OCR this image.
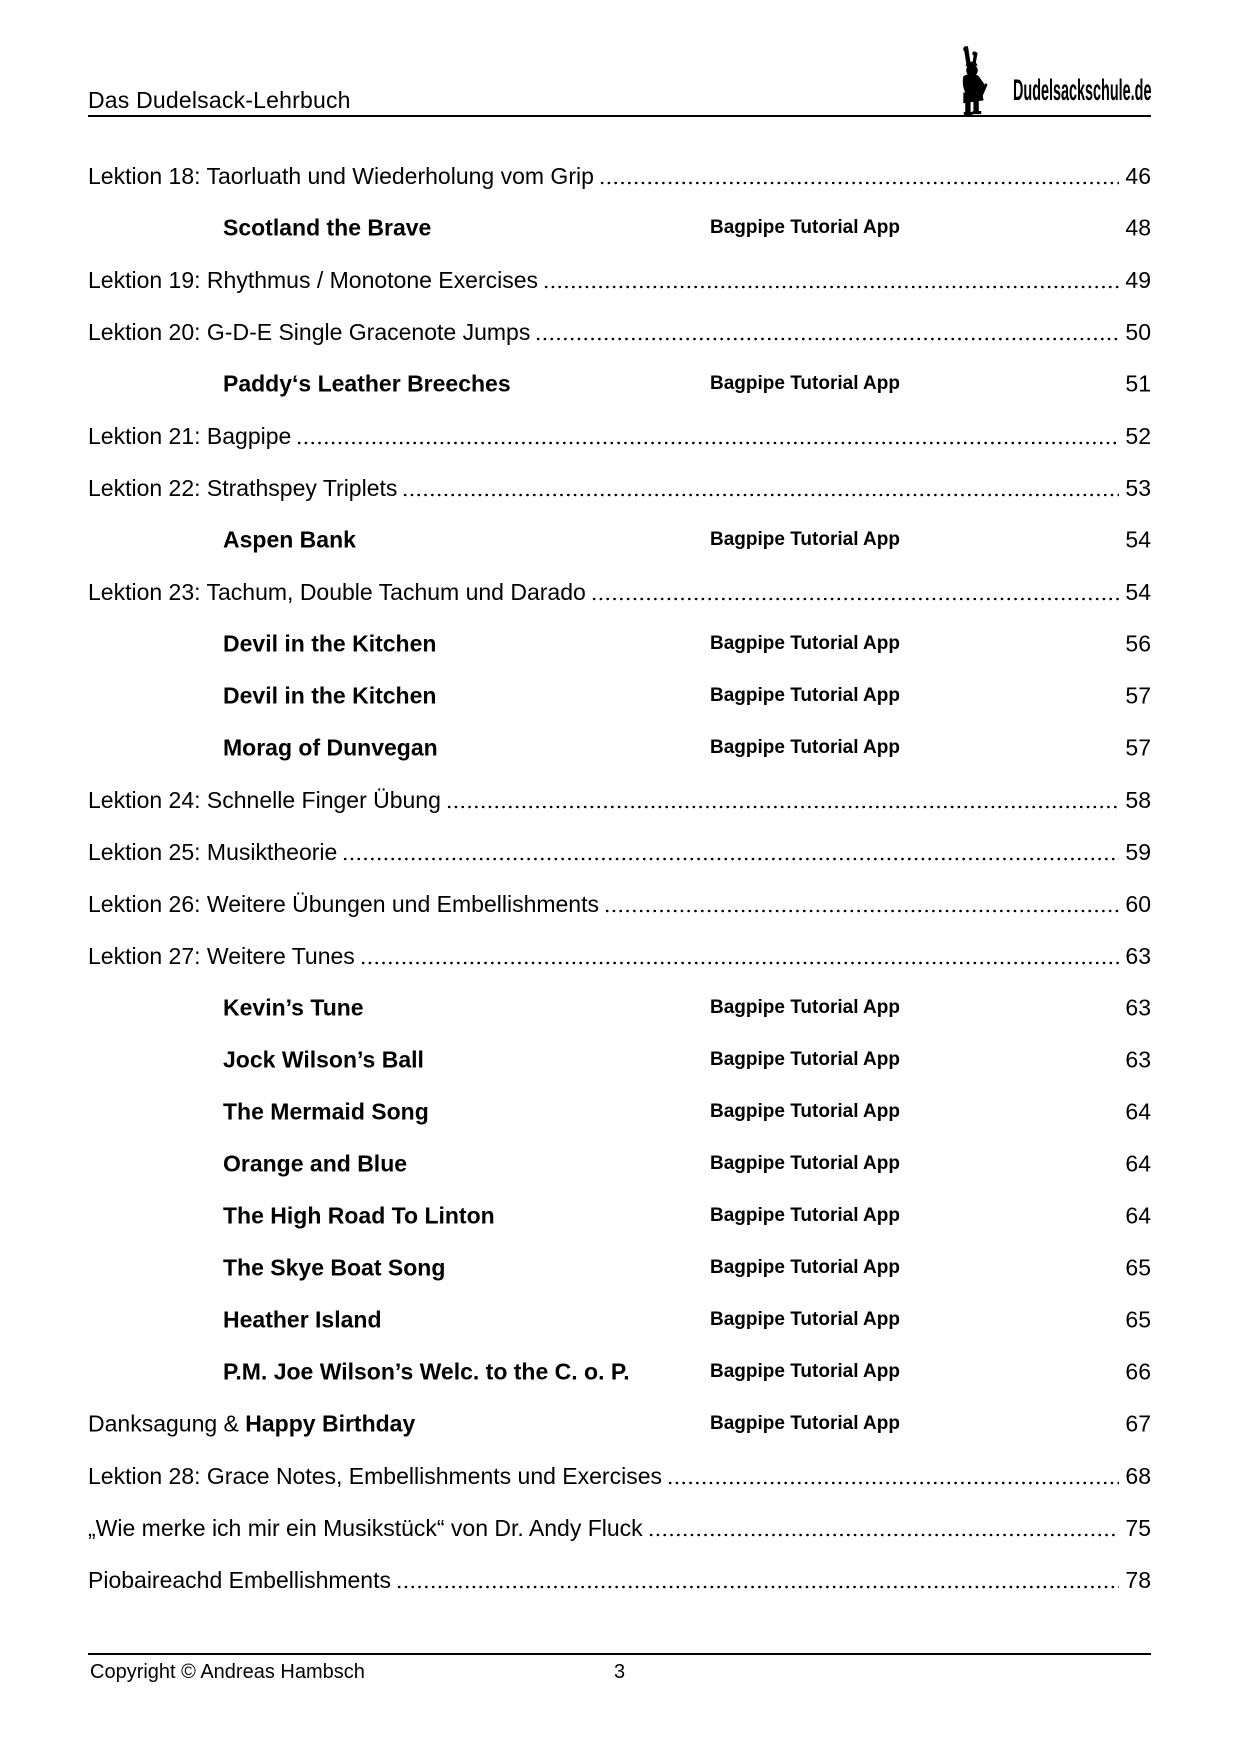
Das Dudelsack-Lehrbuch	Dudelsackschule.de
Lektion 18: Taorluath und Wiederholung vom Grip	46
Scotland the Brave	Bagpipe Tutorial App	48
Lektion 19: Rhythmus / Monotone Exercises	49
Lektion 20: G-D-E Single Gracenote Jumps	50
Paddy‘s Leather Breeches	Bagpipe Tutorial App	51
Lektion 21: Bagpipe	52
Lektion 22: Strathspey Triplets	53
Aspen Bank	Bagpipe Tutorial App	54
Lektion 23: Tachum, Double Tachum und Darado	54
Devil in the Kitchen	Bagpipe Tutorial App	56
Devil in the Kitchen	Bagpipe Tutorial App	57
Morag of Dunvegan	Bagpipe Tutorial App	57
Lektion 24: Schnelle Finger Übung	58
Lektion 25: Musiktheorie	59
Lektion 26: Weitere Übungen und Embellishments	60
Lektion 27: Weitere Tunes	63
Kevin’s Tune	Bagpipe Tutorial App	63
Jock Wilson’s Ball	Bagpipe Tutorial App	63
The Mermaid Song	Bagpipe Tutorial App	64
Orange and Blue	Bagpipe Tutorial App	64
The High Road To Linton	Bagpipe Tutorial App	64
The Skye Boat Song	Bagpipe Tutorial App	65
Heather Island	Bagpipe Tutorial App	65
P.M. Joe Wilson’s Welc. to the C. o. P.	Bagpipe Tutorial App	66
Danksagung & Happy Birthday	Bagpipe Tutorial App	67
Lektion 28: Grace Notes, Embellishments und Exercises	68
„Wie merke ich mir ein Musikstück“ von Dr. Andy Fluck	75
Piobaireachd Embellishments	78
Copyright © Andreas Hambsch	3
